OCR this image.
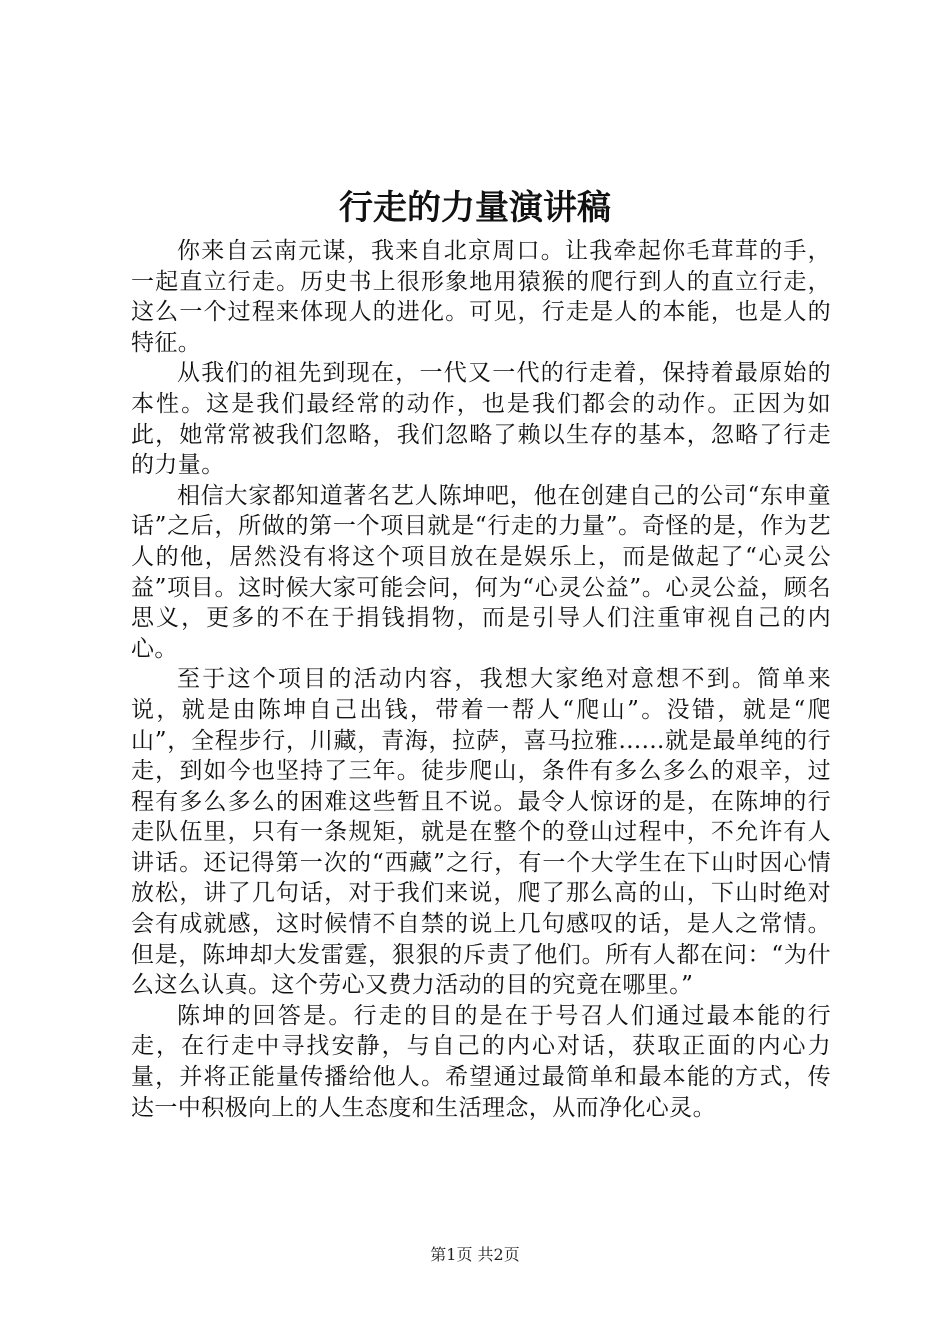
行走的力量演讲稿

你来自云南元谋，我来自北京周口。让我牵起你毛茸茸的手，一起直立行走。历史书上很形象地用猿猴的爬行到人的直立行走，这么一个过程来体现人的进化。可见，行走是人的本能，也是人的特征。

从我们的祖先到现在，一代又一代的行走着，保持着最原始的本性。这是我们最经常的动作，也是我们都会的动作。正因为如此，她常常被我们忽略，我们忽略了赖以生存的基本，忽略了行走的力量。

相信大家都知道著名艺人陈坤吧，他在创建自己的公司“东申童话”之后，所做的第一个项目就是“行走的力量”。奇怪的是，作为艺人的他，居然没有将这个项目放在是娱乐上，而是做起了“心灵公益”项目。这时候大家可能会问，何为“心灵公益”。心灵公益，顾名思义，更多的不在于捐钱捐物，而是引导人们注重审视自己的内心。

至于这个项目的活动内容，我想大家绝对意想不到。简单来说，就是由陈坤自己出钱，带着一帮人“爬山”。没错，就是“爬山”，全程步行，川藏，青海，拉萨，喜马拉雅......就是最单纯的行走，到如今也坚持了三年。徒步爬山，条件有多么多么的艰辛，过程有多么多么的困难这些暂且不说。最令人惊讶的是，在陈坤的行走队伍里，只有一条规矩，就是在整个的登山过程中，不允许有人讲话。还记得第一次的“西藏”之行，有一个大学生在下山时因心情放松，讲了几句话，对于我们来说，爬了那么高的山，下山时绝对会有成就感，这时候情不自禁的说上几句感叹的话，是人之常情。但是，陈坤却大发雷霆，狠狠的斥责了他们。所有人都在问：“为什么这么认真。这个劳心又费力活动的目的究竟在哪里。”

陈坤的回答是。行走的目的是在于号召人们通过最本能的行走，在行走中寻找安静，与自己的内心对话，获取正面的内心力量，并将正能量传播给他人。希望通过最简单和最本能的方式，传达一中积极向上的人生态度和生活理念，从而净化心灵。

第1页 共2页
